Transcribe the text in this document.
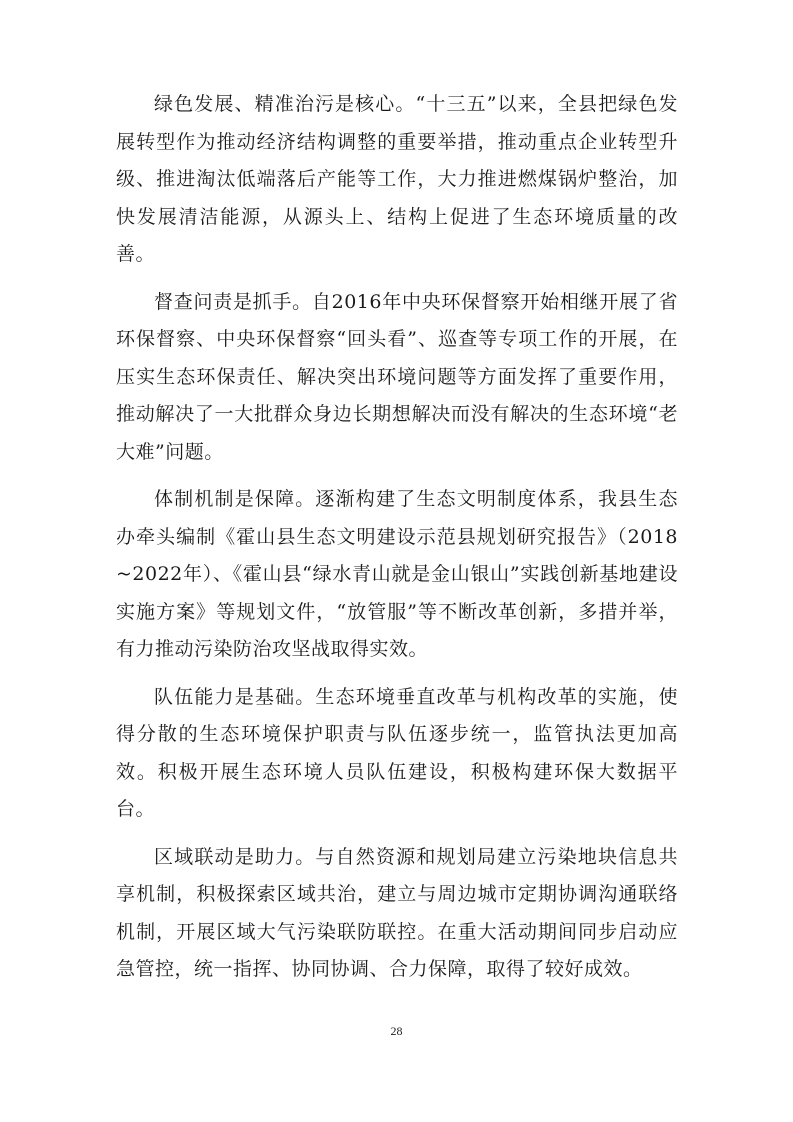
绿色发展、精准治污是核心。“十三五”以来，全县把绿色发展转型作为推动经济结构调整的重要举措，推动重点企业转型升级、推进淘汰低端落后产能等工作，大力推进燃煤锅炉整治，加快发展清洁能源，从源头上、结构上促进了生态环境质量的改善。

督查问责是抓手。自2016年中央环保督察开始相继开展了省环保督察、中央环保督察“回头看”、巡查等专项工作的开展，在压实生态环保责任、解决突出环境问题等方面发挥了重要作用，推动解决了一大批群众身边长期想解决而没有解决的生态环境“老大难”问题。

体制机制是保障。逐渐构建了生态文明制度体系，我县生态办牵头编制《霍山县生态文明建设示范县规划研究报告》（2018~2022年）、《霍山县“绿水青山就是金山银山”实践创新基地建设实施方案》等规划文件，“放管服”等不断改革创新，多措并举，有力推动污染防治攻坚战取得实效。

队伍能力是基础。生态环境垂直改革与机构改革的实施，使得分散的生态环境保护职责与队伍逐步统一，监管执法更加高效。积极开展生态环境人员队伍建设，积极构建环保大数据平台。

区域联动是助力。与自然资源和规划局建立污染地块信息共享机制，积极探索区域共治，建立与周边城市定期协调沟通联络机制，开展区域大气污染联防联控。在重大活动期间同步启动应急管控，统一指挥、协同协调、合力保障，取得了较好成效。

28
